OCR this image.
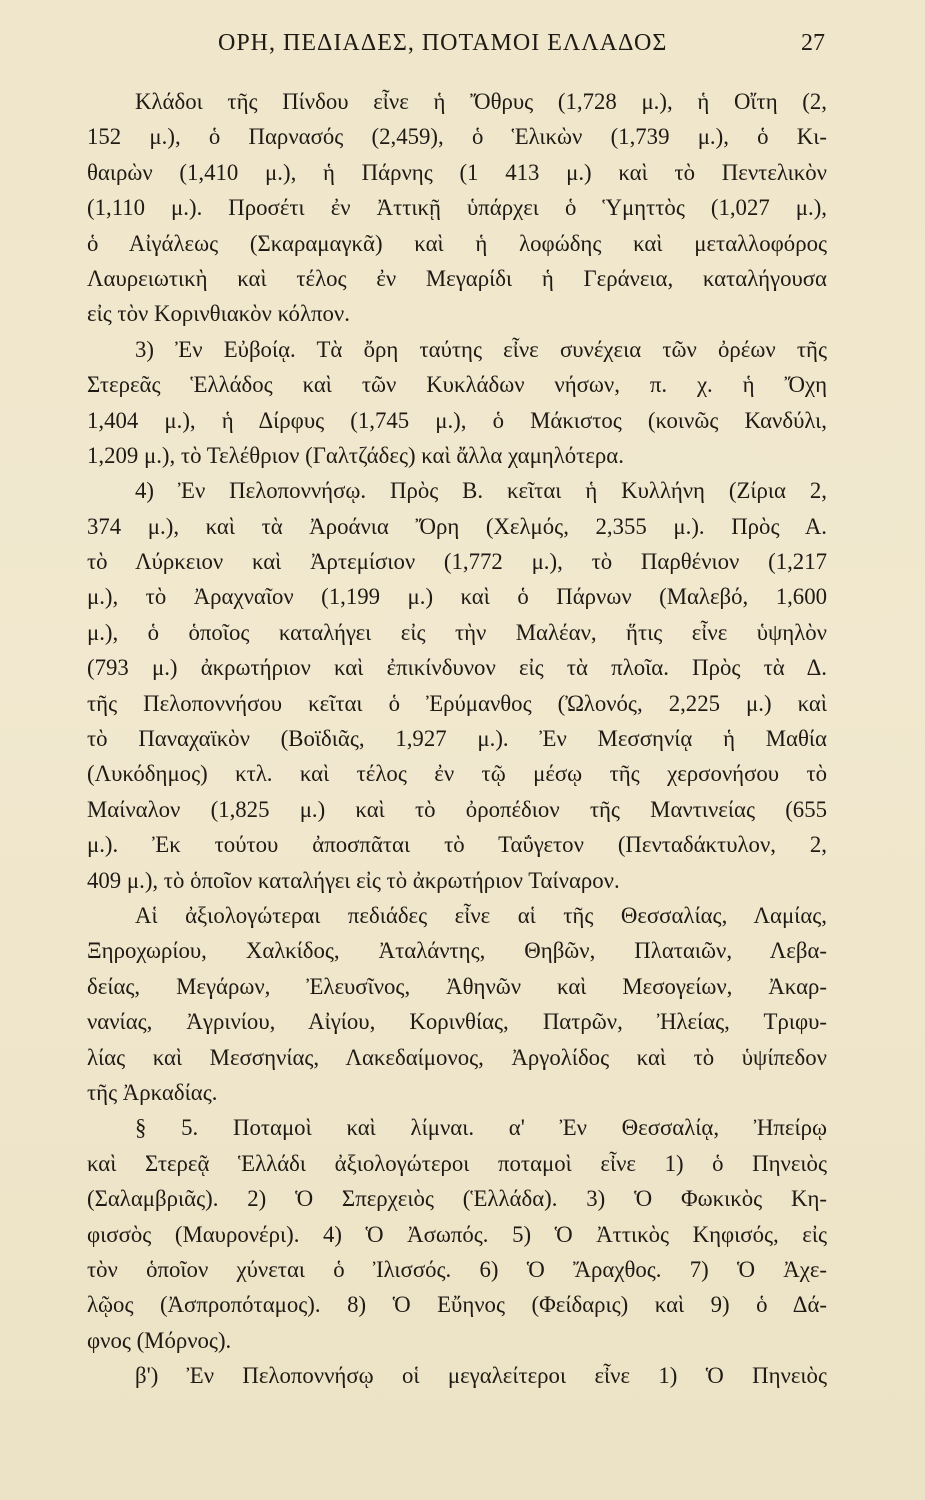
ΟΡΗ, ΠΕΔΙΑΔΕΣ, ΠΟΤΑΜΟΙ ΕΛΛΑΔΟΣ	27
Κλάδοι τῆς Πίνδου εἶνε ἡ Ὄθρυς (1,728 μ.), ἡ Οἴτη (2,
152 μ.), ὁ Παρνασός (2,459), ὁ Ἑλικὼν (1,739 μ.), ὁ Κι-
θαιρὼν (1,410 μ.), ἡ Πάρνης (1 413 μ.) καὶ τὸ Πεντελικὸν
(1,110 μ.). Προσέτι ἐν Ἀττικῇ ὑπάρχει ὁ Ὑμηττὸς (1,027 μ.),
ὁ Αἰγάλεως (Σκαραμαγκᾶ) καὶ ἡ λοφώδης καὶ μεταλλοφόρος
Λαυρειωτικὴ καὶ τέλος ἐν Μεγαρίδι ἡ Γεράνεια, καταλήγουσα
εἰς τὸν Κορινθιακὸν κόλπον.
3) Ἐν Εὐβοίᾳ. Τὰ ὄρη ταύτης εἶνε συνέχεια τῶν ὀρέων τῆς
Στερεᾶς Ἑλλάδος καὶ τῶν Κυκλάδων νήσων, π. χ. ἡ Ὄχη
1,404 μ.), ἡ Δίρφυς (1,745 μ.), ὁ Μάκιστος (κοινῶς Κανδύλι,
1,209 μ.), τὸ Τελέθριον (Γαλτζάδες) καὶ ἄλλα χαμηλότερα.
4) Ἐν Πελοποννήσῳ. Πρὸς Β. κεῖται ἡ Κυλλήνη (Ζίρια 2,
374 μ.), καὶ τὰ Ἀροάνια Ὄρη (Χελμός, 2,355 μ.). Πρὸς Α.
τὸ Λύρκειον καὶ Ἀρτεμίσιον (1,772 μ.), τὸ Παρθένιον (1,217
μ.), τὸ Ἀραχναῖον (1,199 μ.) καὶ ὁ Πάρνων (Μαλεβό, 1,600
μ.), ὁ ὁποῖος καταλήγει εἰς τὴν Μαλέαν, ἥτις εἶνε ὑψηλὸν
(793 μ.) ἀκρωτήριον καὶ ἐπικίνδυνον εἰς τὰ πλοῖα. Πρὸς τὰ Δ.
τῆς Πελοποννήσου κεῖται ὁ Ἐρύμανθος (Ὠλονός, 2,225 μ.) καὶ
τὸ Παναχαϊκὸν (Βοϊδιᾶς, 1,927 μ.). Ἐν Μεσσηνίᾳ ἡ Μαθία
(Λυκόδημος) κτλ. καὶ τέλος ἐν τῷ μέσῳ τῆς χερσονήσου τὸ
Μαίναλον (1,825 μ.) καὶ τὸ ὀροπέδιον τῆς Μαντινείας (655
μ.). Ἐκ τούτου ἀποσπᾶται τὸ Ταΰγετον (Πενταδάκτυλον, 2,
409 μ.), τὸ ὁποῖον καταλήγει εἰς τὸ ἀκρωτήριον Ταίναρον.
Αἱ ἀξιολογώτεραι πεδιάδες εἶνε αἱ τῆς Θεσσαλίας, Λαμίας,
Ξηροχωρίου, Χαλκίδος, Ἀταλάντης, Θηβῶν, Πλαταιῶν, Λεβα-
δείας, Μεγάρων, Ἐλευσῖνος, Ἀθηνῶν καὶ Μεσογείων, Ἀκαρ-
νανίας, Ἀγρινίου, Αἰγίου, Κορινθίας, Πατρῶν, Ἠλείας, Τριφυ-
λίας καὶ Μεσσηνίας, Λακεδαίμονος, Ἀργολίδος καὶ τὸ ὑψίπεδον
τῆς Ἀρκαδίας.
§ 5. Ποταμοὶ καὶ λίμναι. α' Ἐν Θεσσαλίᾳ, Ἠπείρῳ
καὶ Στερεᾷ Ἑλλάδι ἀξιολογώτεροι ποταμοὶ εἶνε 1) ὁ Πηνειὸς
(Σαλαμβριᾶς). 2) Ὁ Σπερχειὸς (Ἑλλάδα). 3) Ὁ Φωκικὸς Κη-
φισσὸς (Μαυρονέρι). 4) Ὁ Ἀσωπός. 5) Ὁ Ἀττικὸς Κηφισός, εἰς
τὸν ὁποῖον χύνεται ὁ Ἰλισσός. 6) Ὁ Ἄραχθος. 7) Ὁ Ἀχε-
λῷος (Ἀσπροπόταμος). 8) Ὁ Εὔηνος (Φείδαρις) καὶ 9) ὁ Δά-
φνος (Μόρνος).
β') Ἐν Πελοποννήσῳ οἱ μεγαλείτεροι εἶνε 1) Ὁ Πηνειὸς
